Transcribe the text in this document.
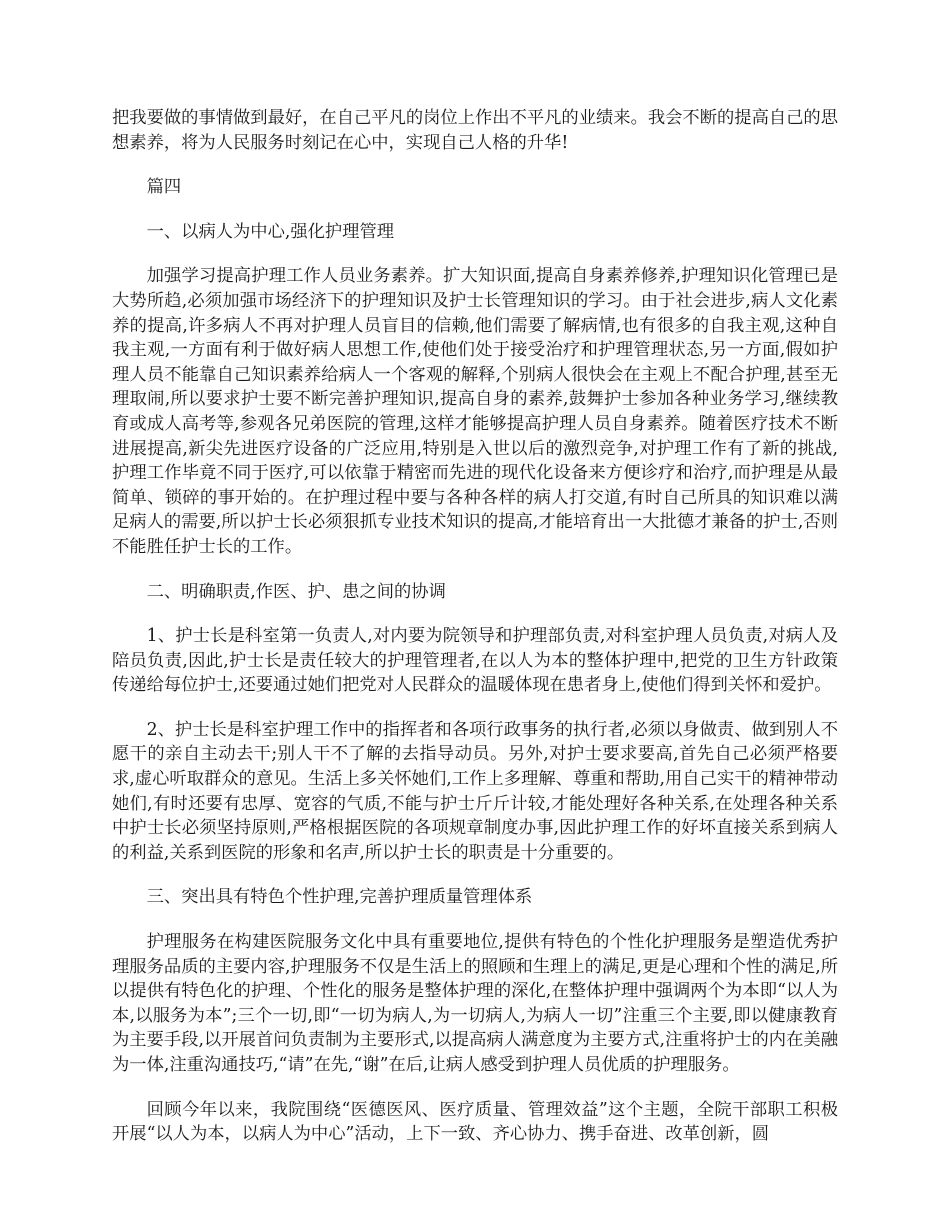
把我要做的事情做到最好，在自己平凡的岗位上作出不平凡的业绩来。我会不断的提高自己的思想素养，将为人民服务时刻记在心中，实现自己人格的升华!

篇四

一、以病人为中心,强化护理管理

加强学习提高护理工作人员业务素养。扩大知识面,提高自身素养修养,护理知识化管理已是大势所趋,必须加强市场经济下的护理知识及护士长管理知识的学习。由于社会进步,病人文化素养的提高,许多病人不再对护理人员盲目的信赖,他们需要了解病情,也有很多的自我主观,这种自我主观,一方面有利于做好病人思想工作,使他们处于接受治疗和护理管理状态,另一方面,假如护理人员不能靠自己知识素养给病人一个客观的解释,个别病人很快会在主观上不配合护理,甚至无理取闹,所以要求护士要不断完善护理知识,提高自身的素养,鼓舞护士参加各种业务学习,继续教育或成人高考等,参观各兄弟医院的管理,这样才能够提高护理人员自身素养。随着医疗技术不断进展提高,新尖先进医疗设备的广泛应用,特别是入世以后的激烈竞争,对护理工作有了新的挑战,护理工作毕竟不同于医疗,可以依靠于精密而先进的现代化设备来方便诊疗和治疗,而护理是从最简单、锁碎的事开始的。在护理过程中要与各种各样的病人打交道,有时自己所具的知识难以满足病人的需要,所以护士长必须狠抓专业技术知识的提高,才能培育出一大批德才兼备的护士,否则不能胜任护士长的工作。

二、明确职责,作医、护、患之间的协调

1、护士长是科室第一负责人,对内要为院领导和护理部负责,对科室护理人员负责,对病人及陪员负责,因此,护士长是责任较大的护理管理者,在以人为本的整体护理中,把党的卫生方针政策传递给每位护士,还要通过她们把党对人民群众的温暖体现在患者身上,使他们得到关怀和爱护。

2、护士长是科室护理工作中的指挥者和各项行政事务的执行者,必须以身做责、做到别人不愿干的亲自主动去干;别人干不了解的去指导动员。另外,对护士要求要高,首先自己必须严格要求,虚心听取群众的意见。生活上多关怀她们,工作上多理解、尊重和帮助,用自己实干的精神带动她们,有时还要有忠厚、宽容的气质,不能与护士斤斤计较,才能处理好各种关系,在处理各种关系中护士长必须坚持原则,严格根据医院的各项规章制度办事,因此护理工作的好坏直接关系到病人的利益,关系到医院的形象和名声,所以护士长的职责是十分重要的。

三、突出具有特色个性护理,完善护理质量管理体系

护理服务在构建医院服务文化中具有重要地位,提供有特色的个性化护理服务是塑造优秀护理服务品质的主要内容,护理服务不仅是生活上的照顾和生理上的满足,更是心理和个性的满足,所以提供有特色化的护理、个性化的服务是整体护理的深化,在整体护理中强调两个为本即“以人为本,以服务为本”;三个一切,即“一切为病人,为一切病人,为病人一切”注重三个主要,即以健康教育为主要手段,以开展首问负责制为主要形式,以提高病人满意度为主要方式,注重将护士的内在美融为一体,注重沟通技巧,“请”在先,“谢”在后,让病人感受到护理人员优质的护理服务。

回顾今年以来，我院围绕“医德医风、医疗质量、管理效益”这个主题，全院干部职工积极开展“以人为本，以病人为中心”活动，上下一致、齐心协力、携手奋进、改革创新，圆
